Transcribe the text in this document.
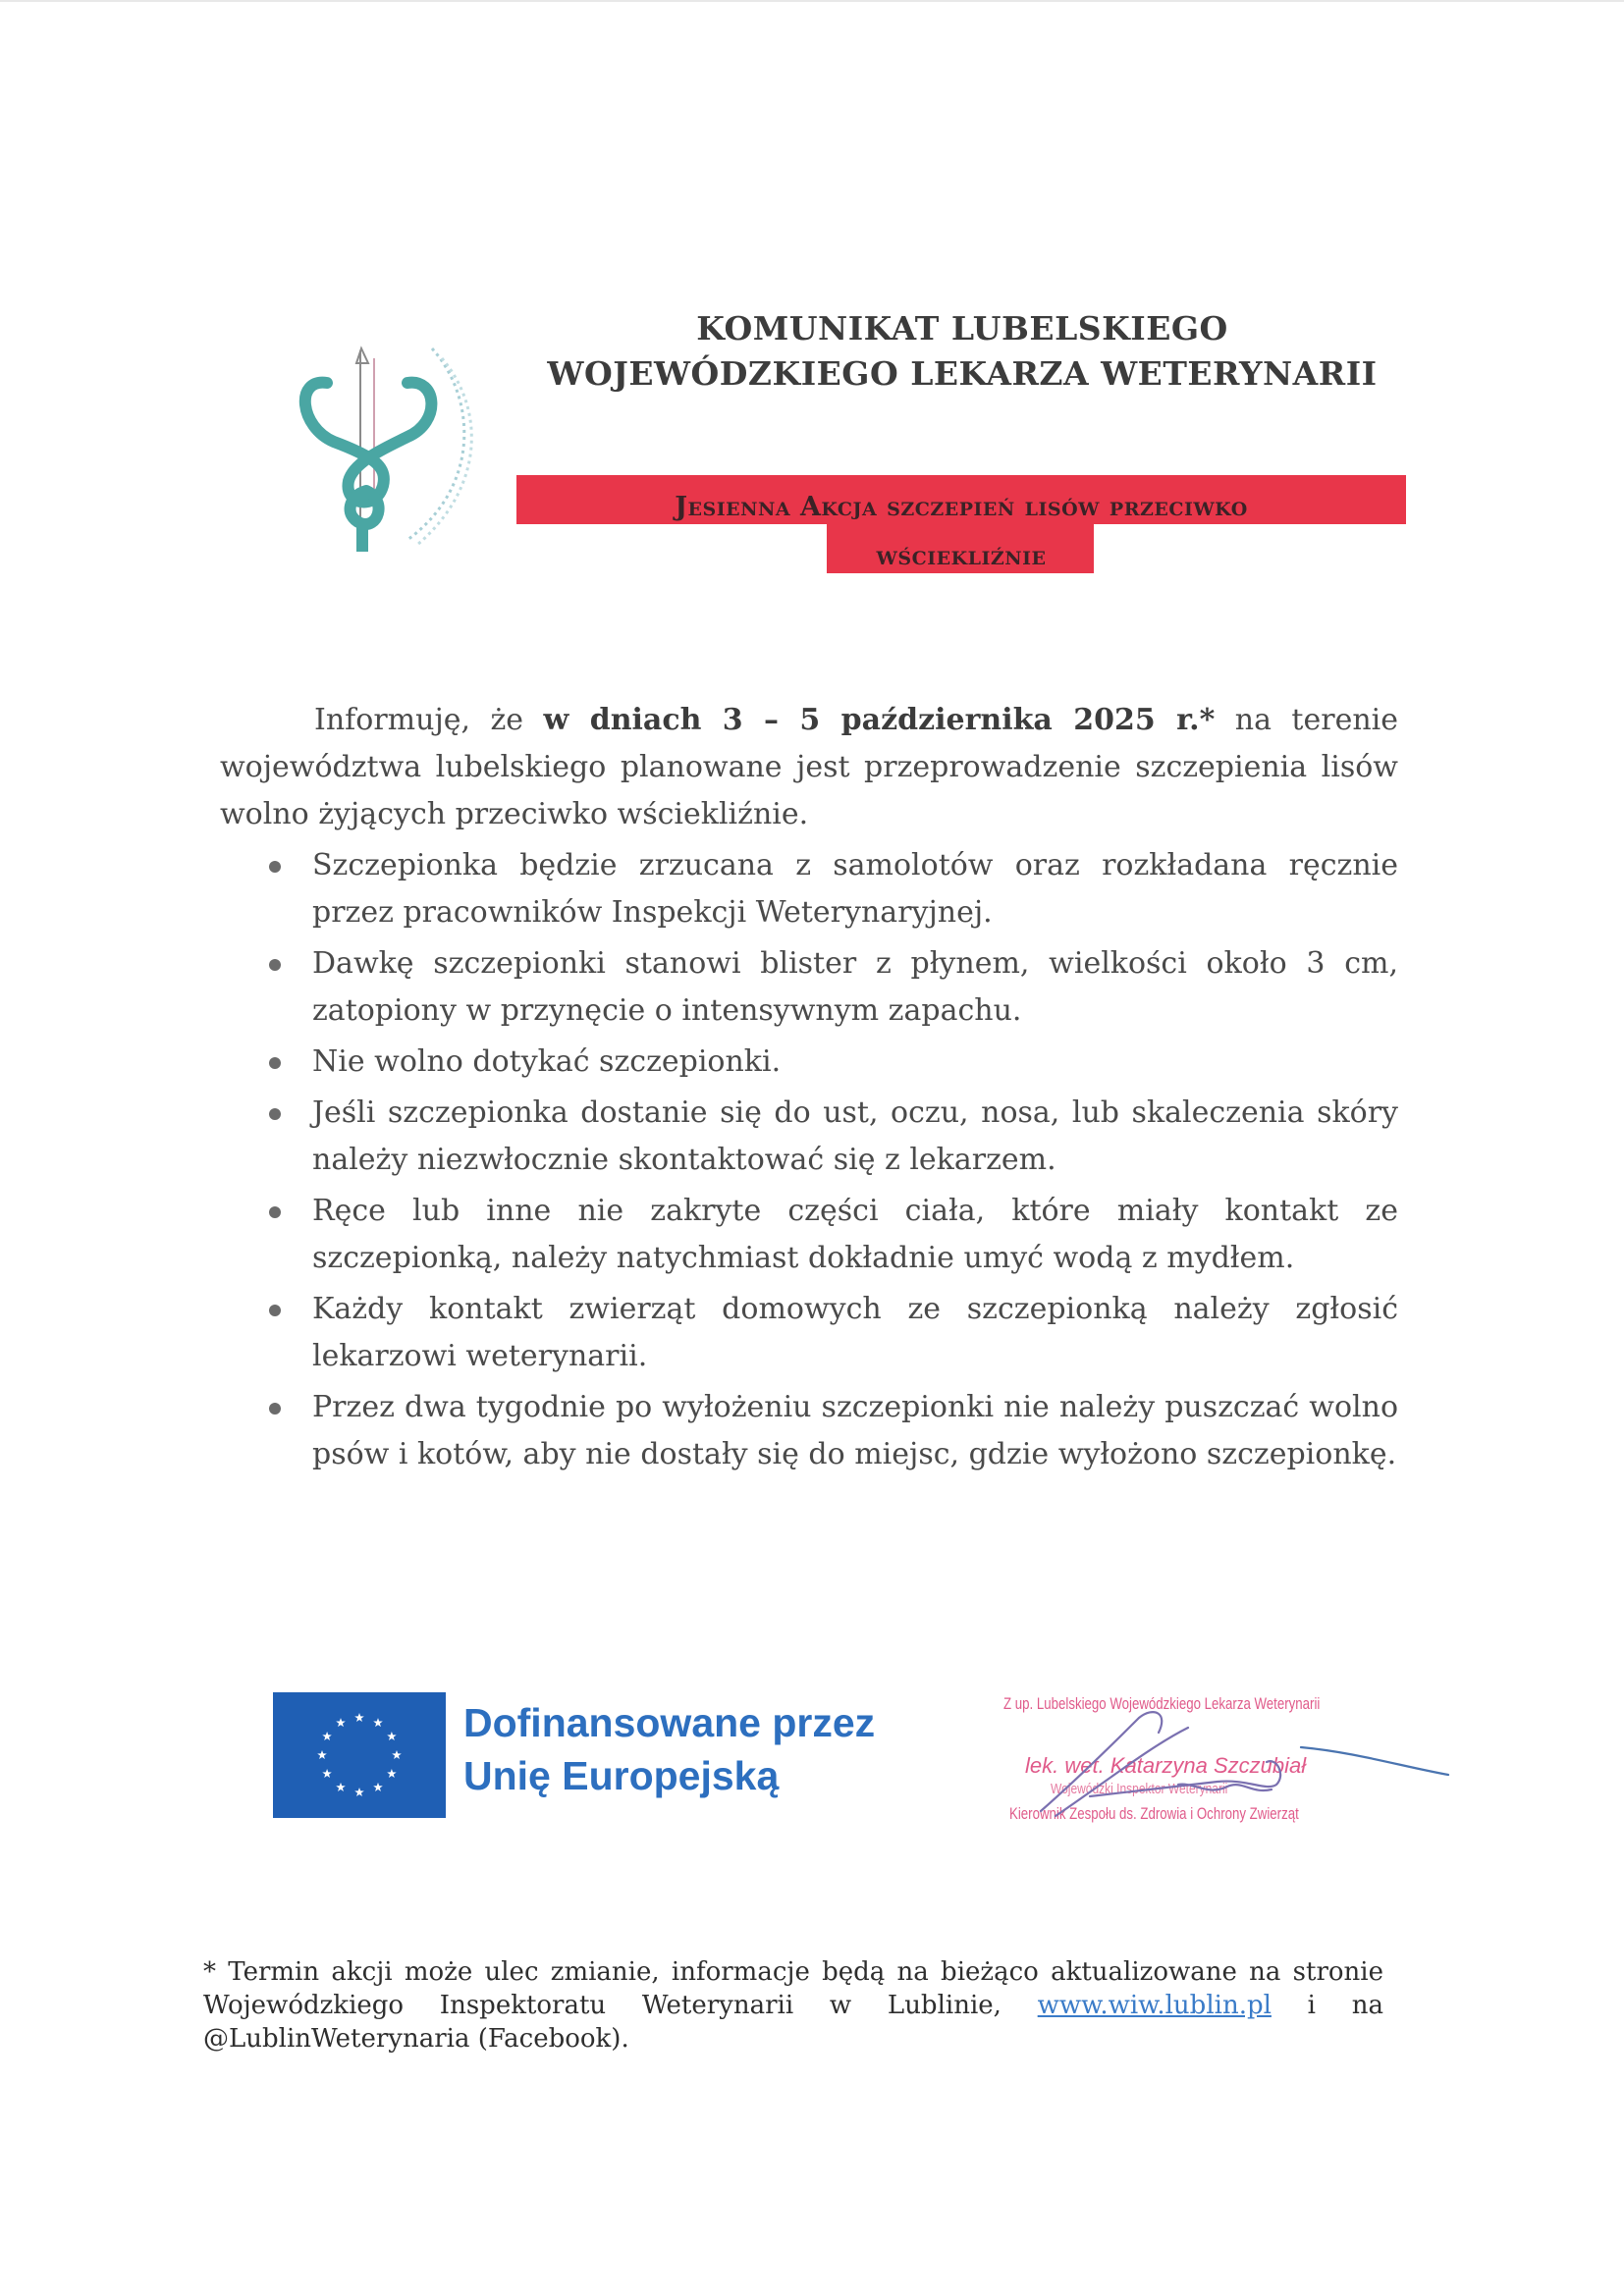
KOMUNIKAT LUBELSKIEGO
WOJEWÓDZKIEGO LEKARZA WETERYNARII
Jesienna Akcja szczepień lisów przeciwko
wściekliźnie

Informuję, że w dniach 3 – 5 października 2025 r.* na terenie województwa lubelskiego planowane jest przeprowadzenie szczepienia lisów wolno żyjących przeciwko wściekliźnie.

Szczepionka będzie zrzucana z samolotów oraz rozkładana ręcznie przez pracowników Inspekcji Weterynaryjnej.
Dawkę szczepionki stanowi blister z płynem, wielkości około 3 cm, zatopiony w przynęcie o intensywnym zapachu.
Nie wolno dotykać szczepionki.
Jeśli szczepionka dostanie się do ust, oczu, nosa, lub skaleczenia skóry należy niezwłocznie skontaktować się z lekarzem.
Ręce lub inne nie zakryte części ciała, które miały kontakt ze szczepionką, należy natychmiast dokładnie umyć wodą z mydłem.
Każdy kontakt zwierząt domowych ze szczepionką należy zgłosić lekarzowi weterynarii.
Przez dwa tygodnie po wyłożeniu szczepionki nie należy puszczać wolno psów i kotów, aby nie dostały się do miejsc, gdzie wyłożono szczepionkę.
Dofinansowane przez
Unię Europejską
Z up. Lubelskiego Wojewódzkiego Lekarza Weterynarii
lek. wet. Katarzyna Szczubiał
Wojewódzki Inspektor Weterynarii
Kierownik Zespołu ds. Zdrowia i Ochrony Zwierząt
* Termin akcji może ulec zmianie, informacje będą na bieżąco aktualizowane na stronie Wojewódzkiego Inspektoratu Weterynarii w Lublinie, www.wiw.lublin.pl i na @LublinWeterynaria (Facebook).
